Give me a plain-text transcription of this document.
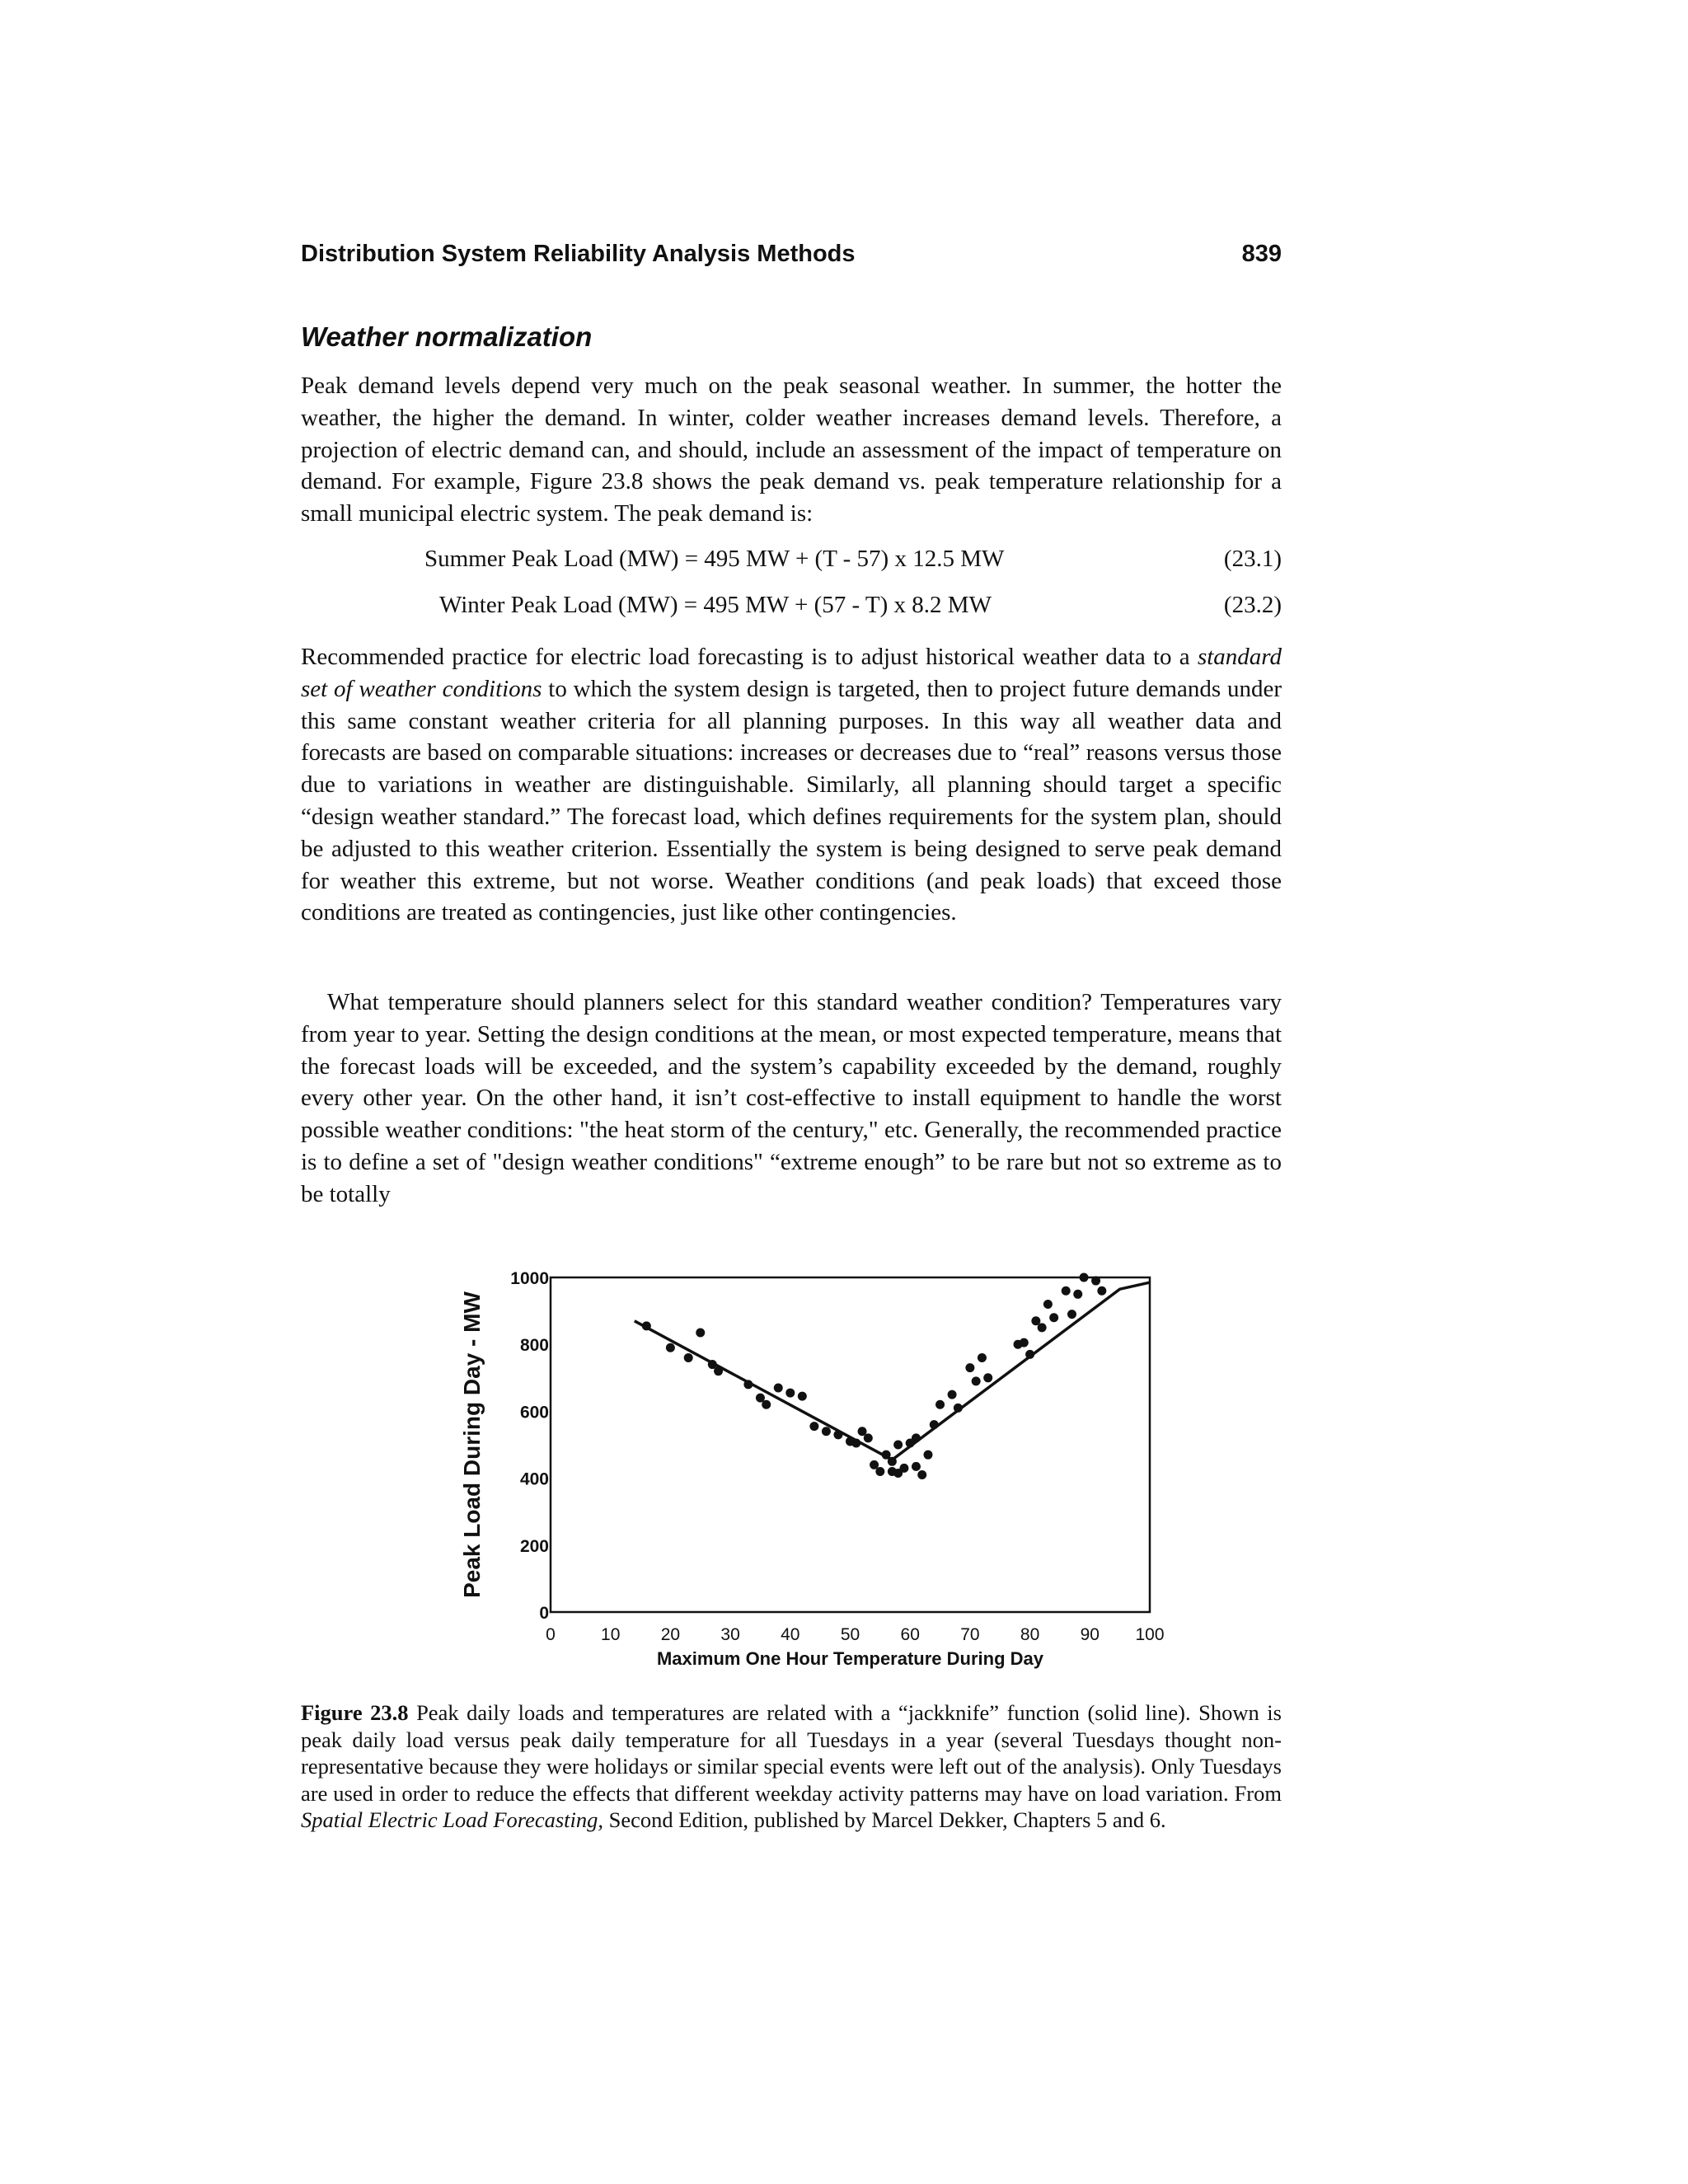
Distribution System Reliability Analysis Methods	839
Weather normalization

Peak demand levels depend very much on the peak seasonal weather. In summer, the hotter the weather, the higher the demand. In winter, colder weather increases demand levels. Therefore, a projection of electric demand can, and should, include an assessment of the impact of temperature on demand. For example, Figure 23.8 shows the peak demand vs. peak temperature relationship for a small municipal electric system. The peak demand is:

Summer Peak Load (MW) = 495 MW + (T - 57) x 12.5 MW	(23.1)
Winter Peak Load (MW) = 495 MW + (57 - T) x 8.2 MW	(23.2)

Recommended practice for electric load forecasting is to adjust historical weather data to a standard set of weather conditions to which the system design is targeted, then to project future demands under this same constant weather criteria for all planning purposes. In this way all weather data and forecasts are based on comparable situations: increases or decreases due to “real” reasons versus those due to variations in weather are distinguishable. Similarly, all planning should target a specific “design weather standard.” The forecast load, which defines requirements for the system plan, should be adjusted to this weather criterion. Essentially the system is being designed to serve peak demand for weather this extreme, but not worse. Weather conditions (and peak loads) that exceed those conditions are treated as contingencies, just like other contingencies.

What temperature should planners select for this standard weather condition? Temperatures vary from year to year. Setting the design conditions at the mean, or most expected temperature, means that the forecast loads will be exceeded, and the system’s capability exceeded by the demand, roughly every other year. On the other hand, it isn’t cost-effective to install equipment to handle the worst possible weather conditions: "the heat storm of the century," etc. Generally, the recommended practice is to define a set of "design weather conditions" “extreme enough” to be rare but not so extreme as to be totally

0	10 20 30 40 50 60 70 80 90 100
0
200
400
600
800
1000
Maximum One Hour Temperature During Day
Peak Load During Day - MW

Figure 23.8 Peak daily loads and temperatures are related with a “jackknife” function (solid line). Shown is peak daily load versus peak daily temperature for all Tuesdays in a year (several Tuesdays thought non-representative because they were holidays or similar special events were left out of the analysis). Only Tuesdays are used in order to reduce the effects that different weekday activity patterns may have on load variation. From Spatial Electric Load Forecasting, Second Edition, published by Marcel Dekker, Chapters 5 and 6.
